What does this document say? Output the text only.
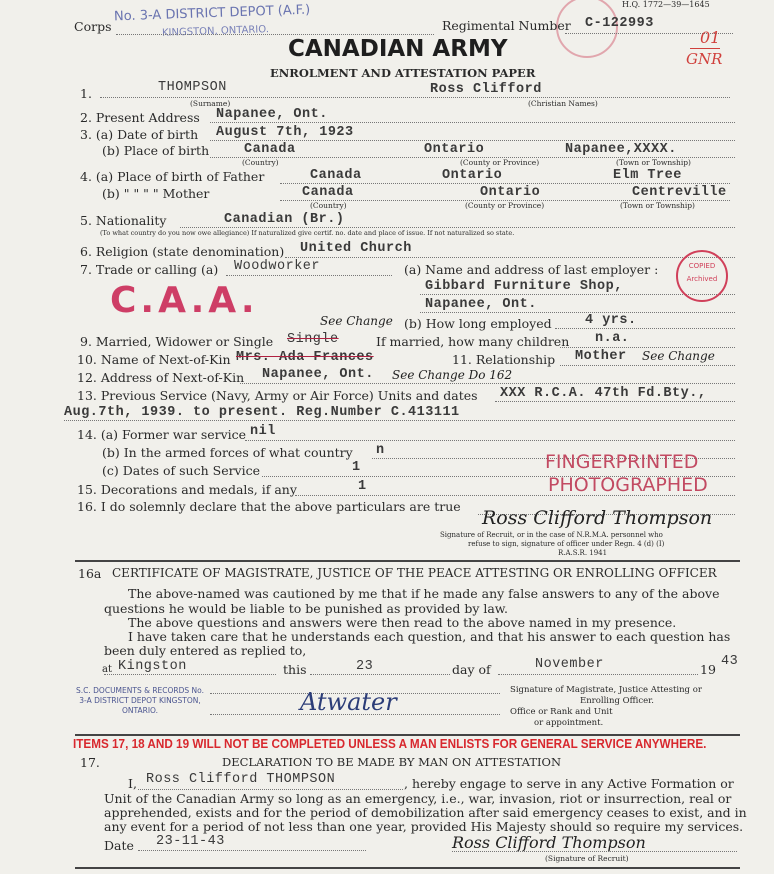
H.Q. 1772—39—1645
Corps
No. 3-A DISTRICT DEPOT (A.F.)
KINGSTON, ONTARIO.	Regimental Number C-122993
01
GNR
CANADIAN ARMY
ENROLMENT AND ATTESTATION PAPER
1.	THOMPSON	Ross Clifford
(Surname)	(Christian Names)
2. Present Address Napanee, Ont.
3. (a) Date of birth August 7th, 1923
(b) Place of birth	Canada	Ontario	Napanee,XXXX.
(Country)	(County or Province)	(Town or Township)
4. (a) Place of birth of Father	Canada	Ontario	Elm Tree
(b) " " " " Mother	Canada	Ontario	Centreville
(Country)	(County or Province)	(Town or Township)
5. Nationality	Canadian (Br.)
(To what country do you now owe allegiance) If naturalized give certif. no. date and place of issue. If not naturalized so state.
6. Religion (state denomination) United Church
7. Trade or calling (a) Woodworker	(a) Name and address of last employer :
Gibbard Furniture Shop,
Napanee, Ont.
(b) How long employed 4 yrs.
9. Married, Widower or Single Single
See Change
If married, how many children n.a.
10. Name of Next-of-Kin Mrs. Ada Frances	11. Relationship Mother See Change
12. Address of Next-of-Kin Napanee, Ont. See Change Do 162
13. Previous Service (Navy, Army or Air Force) Units and dates XXX R.C.A. 47th Fd.Bty.,
Aug.7th, 1939. to present. Reg.Number C.413111
14. (a) Former war service nil
(b) In the armed forces of what country n
(c) Dates of such Service	1
15. Decorations and medals, if any	1
16. I do solemnly declare that the above particulars are true
Ross Clifford Thompson
Signature of Recruit, or in the case of N.R.M.A. personnel who
refuse to sign, signature of officer under Regn. 4 (d) (I)
R.A.S.R. 1941
C.A.A.
FINGERPRINTED
PHOTOGRAPHED
COPIED
Archived
16a CERTIFICATE OF MAGISTRATE, JUSTICE OF THE PEACE ATTESTING OR ENROLLING OFFICER
The above-named was cautioned by me that if he made any false answers to any of the above
questions he would be liable to be punished as provided by law.
The above questions and answers were then read to the above named in my presence.
I have taken care that he understands each question, and that his answer to each question has
been duly entered as replied to,
at Kingston	this	23	day of	November	19
43
Atwater
S.C. DOCUMENTS & RECORDS No. 3-A DISTRICT DEPOT KINGSTON, ONTARIO.
Signature of Magistrate, Justice Attesting or
Enrolling Officer.
Office or Rank and Unit
or appointment.
ITEMS 17, 18 AND 19 WILL NOT BE COMPLETED UNLESS A MAN ENLISTS FOR GENERAL SERVICE ANYWHERE.
17.	DECLARATION TO BE MADE BY MAN ON ATTESTATION
I, Ross Clifford THOMPSON	, hereby engage to serve in any Active Formation or
Unit of the Canadian Army so long as an emergency, i.e., war, invasion, riot or insurrection, real or
apprehended, exists and for the period of demobilization after said emergency ceases to exist, and in
any event for a period of not less than one year, provided His Majesty should so require my services.
Date 23-11-43	Ross Clifford Thompson
(Signature of Recruit)
